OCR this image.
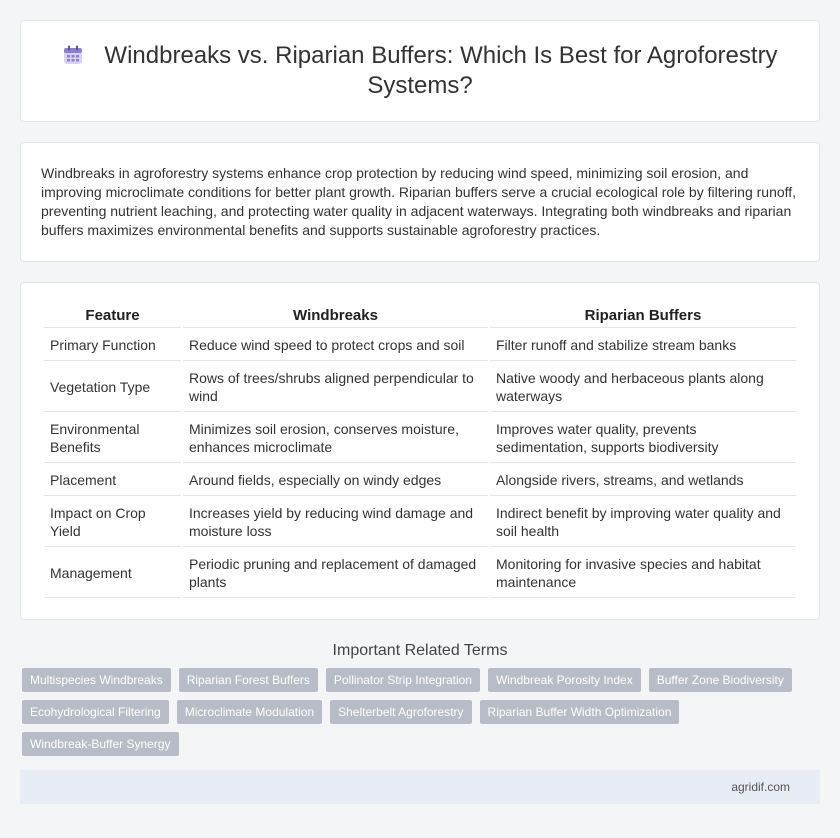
Windbreaks vs. Riparian Buffers: Which Is Best for Agroforestry Systems?
Windbreaks in agroforestry systems enhance crop protection by reducing wind speed, minimizing soil erosion, and improving microclimate conditions for better plant growth. Riparian buffers serve a crucial ecological role by filtering runoff, preventing nutrient leaching, and protecting water quality in adjacent waterways. Integrating both windbreaks and riparian buffers maximizes environmental benefits and supports sustainable agroforestry practices.
Feature	Windbreaks	Riparian Buffers
Primary Function	Reduce wind speed to protect crops and soil	Filter runoff and stabilize stream banks
Vegetation Type	Rows of trees/shrubs aligned perpendicular to wind	Native woody and herbaceous plants along waterways
Environmental Benefits	Minimizes soil erosion, conserves moisture, enhances microclimate	Improves water quality, prevents sedimentation, supports biodiversity
Placement	Around fields, especially on windy edges	Alongside rivers, streams, and wetlands
Impact on Crop Yield	Increases yield by reducing wind damage and moisture loss	Indirect benefit by improving water quality and soil health
Management	Periodic pruning and replacement of damaged plants	Monitoring for invasive species and habitat maintenance
Important Related Terms
Multispecies Windbreaks	Riparian Forest Buffers	Pollinator Strip Integration	Windbreak Porosity Index	Buffer Zone Biodiversity
Ecohydrological Filtering	Microclimate Modulation	Shelterbelt Agroforestry	Riparian Buffer Width Optimization
Windbreak-Buffer Synergy
agridif.com
